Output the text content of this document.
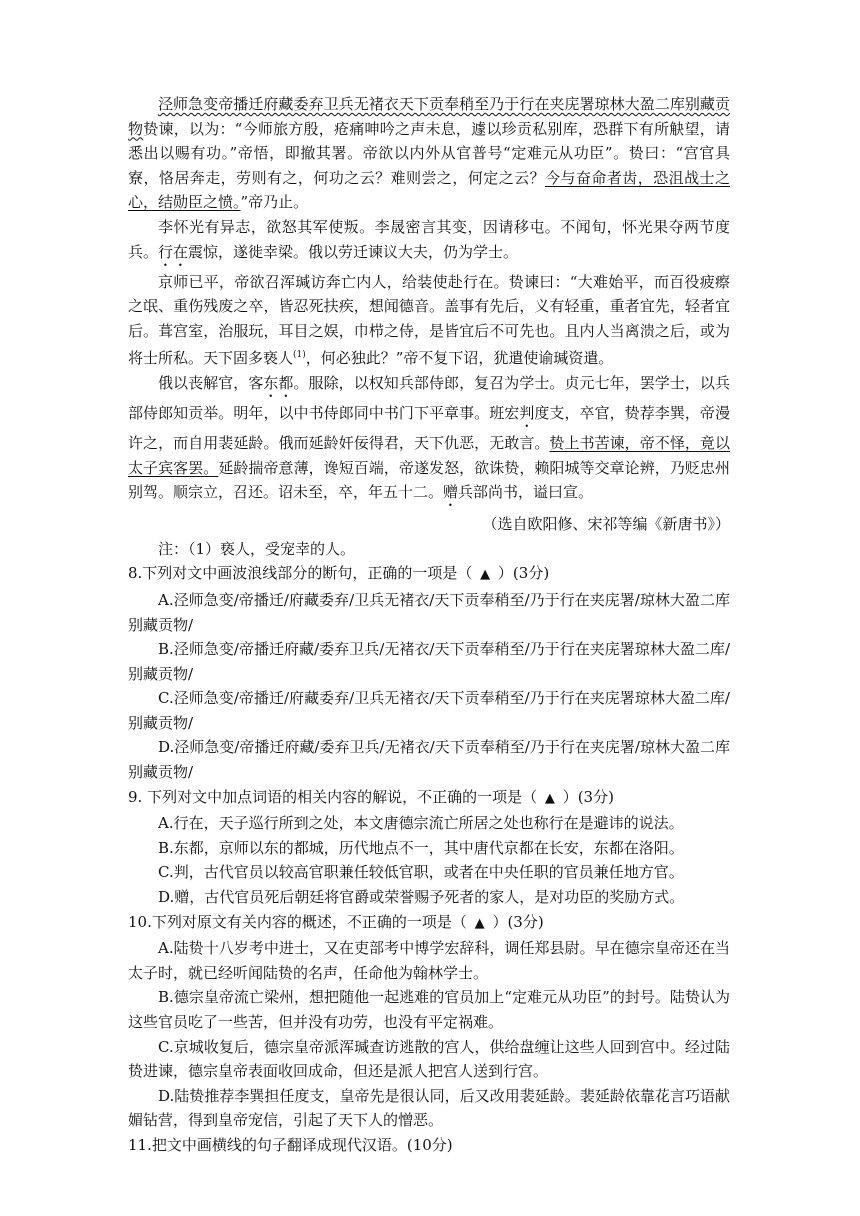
泾师急变帝播迁府藏委弃卫兵无褚衣天下贡奉稍至乃于行在夹庑署琼林大盈二库别藏贡物贽谏，以为：“今师旅方殷，疮痛呻吟之声未息，遽以珍贡私别库，恐群下有所觖望，请悉出以赐有功。”帝悟，即撤其署。帝欲以内外从官普号“定难元从功臣”。贽曰：“宫官具寮，恪居奔走，劳则有之，何功之云？难则尝之，何定之云？今与奋命者齿，恐沮战士之心，结勋臣之愤。”帝乃止。

李怀光有异志，欲怒其军使叛。李晟密言其变，因请移屯。不闻旬，怀光果夺两节度兵。行在震惊，遂徙幸梁。俄以劳迁谏议大夫，仍为学士。

京师已平，帝欲召浑瑊访奔亡内人，给装使赴行在。贽谏曰：“大难始平，而百役疲瘵之氓、重伤残废之卒，皆忍死扶疾，想闻德音。盖事有先后，义有轻重，重者宜先，轻者宜后。葺宫室，治服玩，耳目之娱，巾栉之侍，是皆宜后不可先也。且内人当离溃之后，或为将士所私。天下固多亵人$^{(1)}$，何必独此？”帝不复下诏，犹遣使谕瑊资遣。

俄以丧解官，客东都。服除，以权知兵部侍郎，复召为学士。贞元七年，罢学士，以兵部侍郎知贡举。明年，以中书侍郎同中书门下平章事。班宏判度支，卒官，贽荐李巽，帝漫许之，而自用裴延龄。俄而延龄奸佞得君，天下仇恶，无敢言。贽上书苦谏，帝不怿，竟以太子宾客罢。延龄揣帝意薄，谗短百端，帝遂发怒，欲诛贽，赖阳城等交章论辨，乃贬忠州别驾。顺宗立，召还。诏未至，卒，年五十二。赠兵部尚书，谥曰宣。

（选自欧阳修、宋祁等编《新唐书》）

注：（1）亵人，受宠幸的人。

8.下列对文中画波浪线部分的断句，正确的一项是（ ▲ ）(3分)

A.泾师急变/帝播迁/府藏委弃/卫兵无褚衣/天下贡奉稍至/乃于行在夹庑署/琼林大盈二库别藏贡物/

B.泾师急变/帝播迁府藏/委弃卫兵/无褚衣/天下贡奉稍至/乃于行在夹庑署琼林大盈二库/别藏贡物/

C.泾师急变/帝播迁/府藏委弃/卫兵无褚衣/天下贡奉稍至/乃于行在夹庑署琼林大盈二库/别藏贡物/

D.泾师急变/帝播迁府藏/委弃卫兵/无褚衣/天下贡奉稍至/乃于行在夹庑署/琼林大盈二库别藏贡物/

9. 下列对文中加点词语的相关内容的解说，不正确的一项是（ ▲ ）(3分)

A.行在，天子巡行所到之处，本文唐德宗流亡所居之处也称行在是避讳的说法。

B.东都，京师以东的都城，历代地点不一，其中唐代京都在长安，东都在洛阳。

C.判，古代官员以较高官职兼任较低官职，或者在中央任职的官员兼任地方官。

D.赠，古代官员死后朝廷将官爵或荣誉赐予死者的家人，是对功臣的奖励方式。

10.下列对原文有关内容的概述，不正确的一项是（ ▲ ）(3分)

A.陆贽十八岁考中进士，又在吏部考中博学宏辞科，调任郑县尉。早在德宗皇帝还在当太子时，就已经听闻陆贽的名声，任命他为翰林学士。

B.德宗皇帝流亡梁州，想把随他一起逃难的官员加上“定难元从功臣”的封号。陆贽认为这些官员吃了一些苦，但并没有功劳，也没有平定祸难。

C.京城收复后，德宗皇帝派浑瑊查访逃散的宫人，供给盘缠让这些人回到宫中。经过陆贽进谏，德宗皇帝表面收回成命，但还是派人把宫人送到行宫。

D.陆贽推荐李巽担任度支，皇帝先是很认同，后又改用裴延龄。裴延龄依靠花言巧语献媚钻营，得到皇帝宠信，引起了天下人的憎恶。

11.把文中画横线的句子翻译成现代汉语。(10分)
